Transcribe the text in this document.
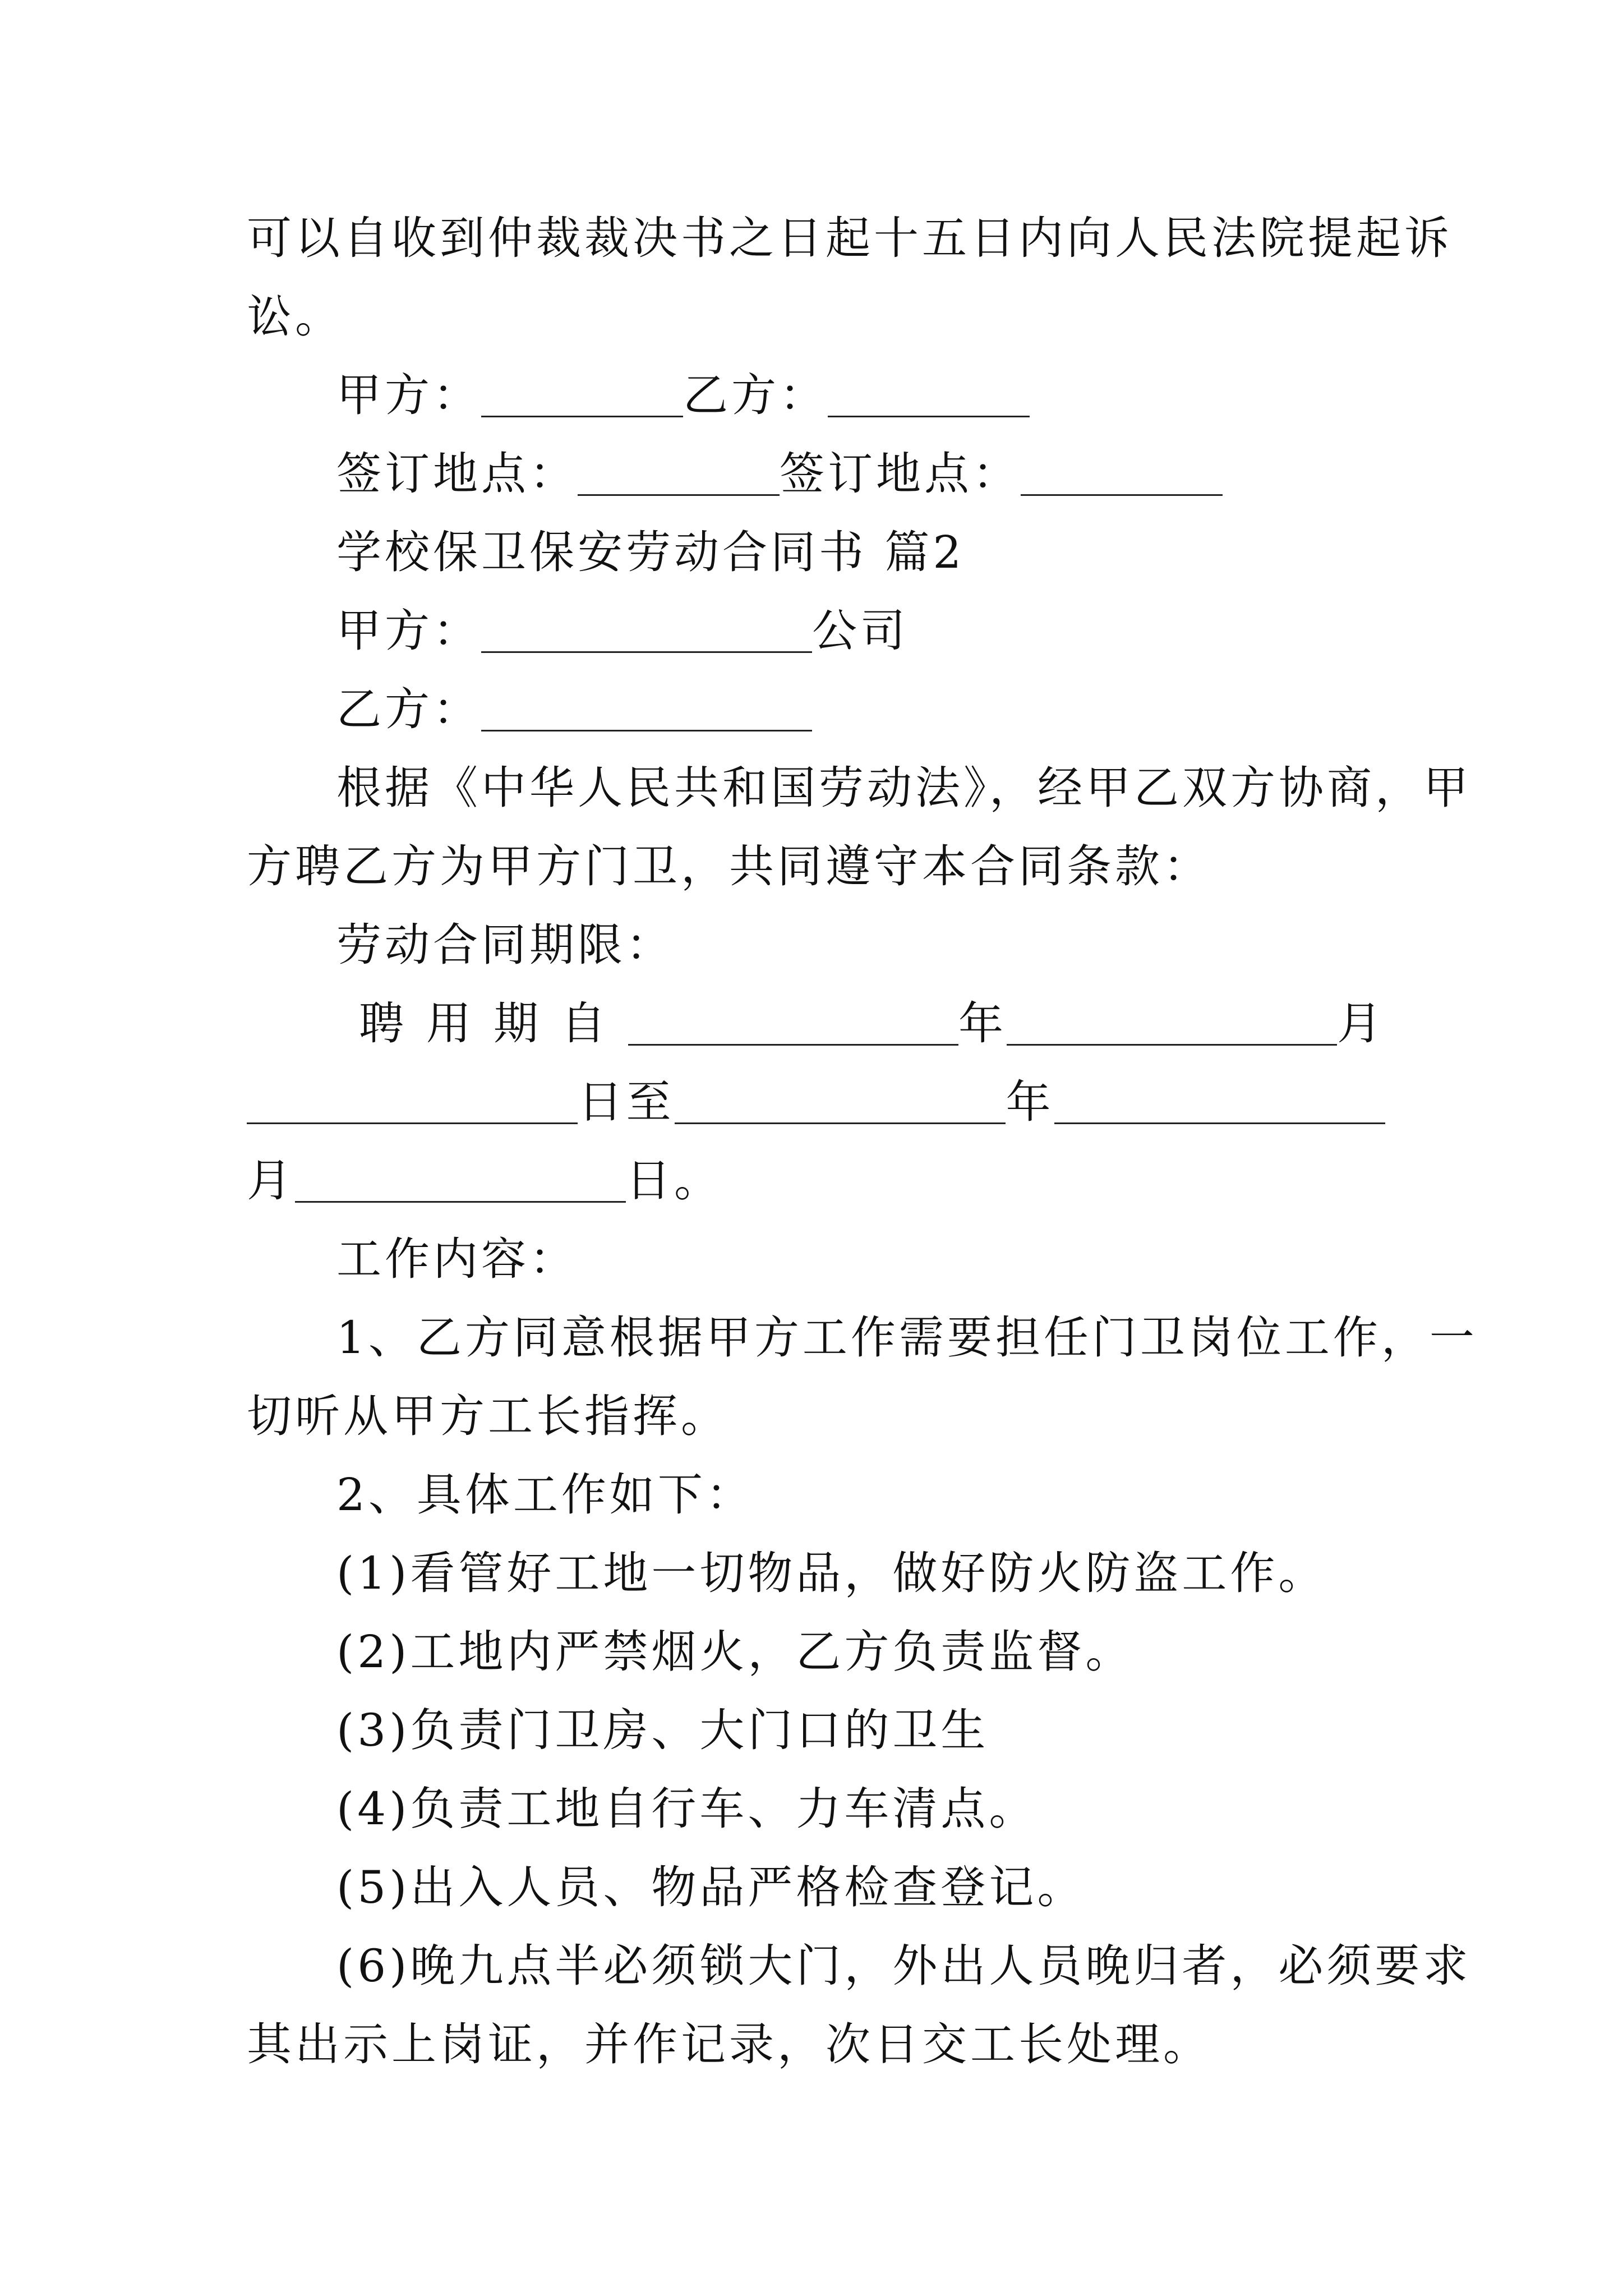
可以自收到仲裁裁决书之日起十五日内向人民法院提起诉
讼。
甲方：	乙方：
签订地点：	签订地点：
学校保卫保安劳动合同书 篇2
甲方：	公司
乙方：
根据《中华人民共和国劳动法》，经甲乙双方协商，甲
方聘乙方为甲方门卫，共同遵守本合同条款：
劳动合同期限：
聘用期自	年	月
日至	年
月	日。
工作内容：
1、乙方同意根据甲方工作需要担任门卫岗位工作，一
切听从甲方工长指挥。
2、具体工作如下：
(1)看管好工地一切物品，做好防火防盗工作。
(2)工地内严禁烟火，乙方负责监督。
(3)负责门卫房、大门口的卫生
(4)负责工地自行车、力车清点。
(5)出入人员、物品严格检查登记。
(6)晚九点半必须锁大门，外出人员晚归者，必须要求
其出示上岗证，并作记录，次日交工长处理。
